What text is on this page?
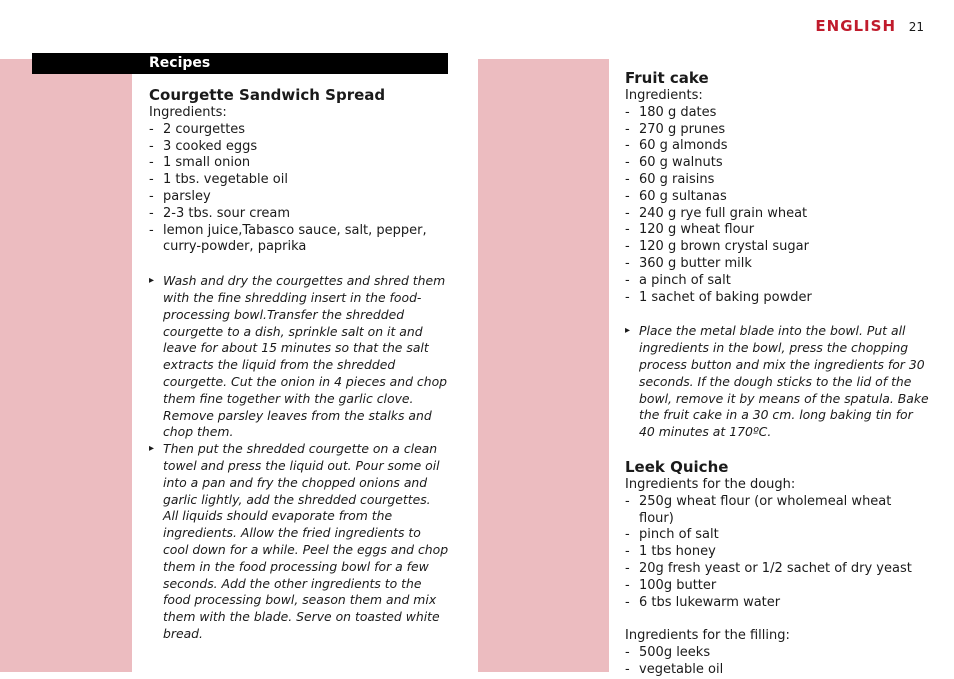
ENGLISH 21
Recipes
Courgette Sandwich Spread

Ingredients:

- 2 courgettes
- 3 cooked eggs
- 1 small onion
- 1 tbs. vegetable oil
- parsley
- 2-3 tbs. sour cream
- lemon juice,Tabasco sauce, salt, pepper, curry-powder, paprika
▸ Wash and dry the courgettes and shred them with the fine shredding insert in the food-processing bowl.Transfer the shredded courgette to a dish, sprinkle salt on it and leave for about 15 minutes so that the salt extracts the liquid from the shredded courgette. Cut the onion in 4 pieces and chop them fine together with the garlic clove. Remove parsley leaves from the stalks and chop them.
▸ Then put the shredded courgette on a clean towel and press the liquid out. Pour some oil into a pan and fry the chopped onions and garlic lightly, add the shredded courgettes. All liquids should evaporate from the ingredients. Allow the fried ingredients to cool down for a while. Peel the eggs and chop them in the food processing bowl for a few seconds. Add the other ingredients to the food processing bowl, season them and mix them with the blade. Serve on toasted white bread.
Fruit cake

Ingredients:

- 180 g dates
- 270 g prunes
- 60 g almonds
- 60 g walnuts
- 60 g raisins
- 60 g sultanas
- 240 g rye full grain wheat
- 120 g wheat flour
- 120 g brown crystal sugar
- 360 g butter milk
- a pinch of salt
- 1 sachet of baking powder
▸ Place the metal blade into the bowl. Put all ingredients in the bowl, press the chopping process button and mix the ingredients for 30 seconds. If the dough sticks to the lid of the bowl, remove it by means of the spatula. Bake the fruit cake in a 30 cm. long baking tin for 40 minutes at 170ºC.
Leek Quiche

Ingredients for the dough:

- 250g wheat flour (or wholemeal wheat flour)
- pinch of salt
- 1 tbs honey
- 20g fresh yeast or 1/2 sachet of dry yeast
- 100g butter
- 6 tbs lukewarm water

Ingredients for the filling:

- 500g leeks
- vegetable oil
